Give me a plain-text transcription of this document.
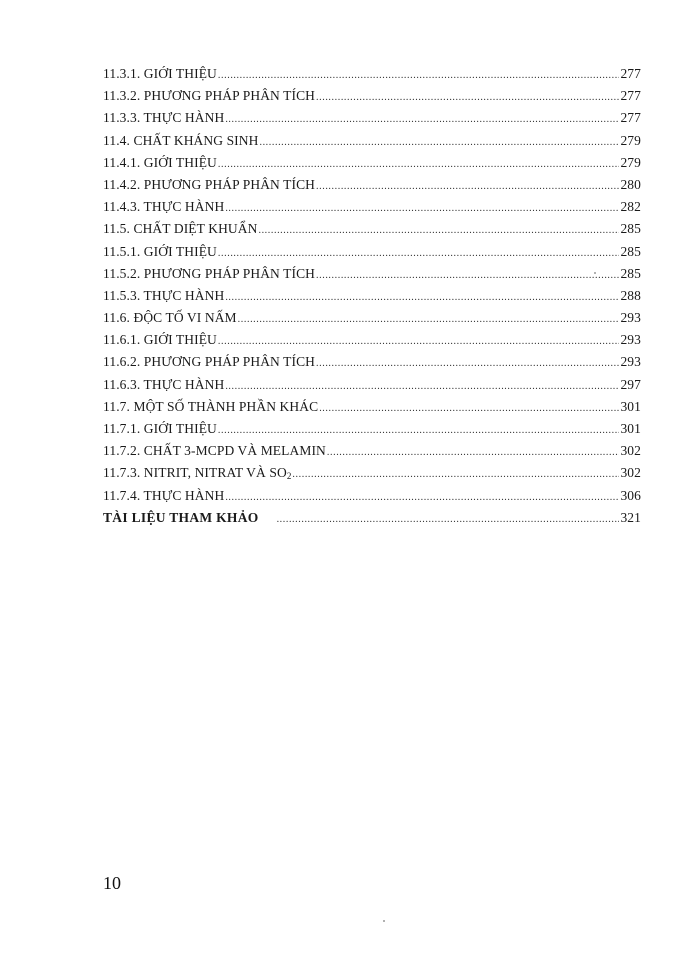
11.3.1. GIỚI THIỆU .....	277
11.3.2. PHƯƠNG PHÁP PHÂN TÍCH .....	277
11.3.3. THỰC HÀNH .....	277
11.4. CHẤT KHÁNG SINH .....	279
11.4.1. GIỚI THIỆU .....	279
11.4.2. PHƯƠNG PHÁP PHÂN TÍCH .....	280
11.4.3. THỰC HÀNH .....	282
11.5. CHẤT DIỆT KHUẨN .....	285
11.5.1. GIỚI THIỆU .....	285
11.5.2. PHƯƠNG PHÁP PHÂN TÍCH .....	285
11.5.3. THỰC HÀNH .....	288
11.6. ĐỘC TỐ VI NẤM .....	293
11.6.1. GIỚI THIỆU .....	293
11.6.2. PHƯƠNG PHÁP PHÂN TÍCH .....	293
11.6.3. THỰC HÀNH .....	297
11.7. MỘT SỐ THÀNH PHẦN KHÁC .....	301
11.7.1. GIỚI THIỆU .....	301
11.7.2. CHẤT 3-MCPD VÀ MELAMIN .....	302
11.7.3. NITRIT, NITRAT VÀ $SO_2$ .....	302
11.7.4. THỰC HÀNH .....	306
TÀI LIỆU THAM KHẢO .....	321
10
